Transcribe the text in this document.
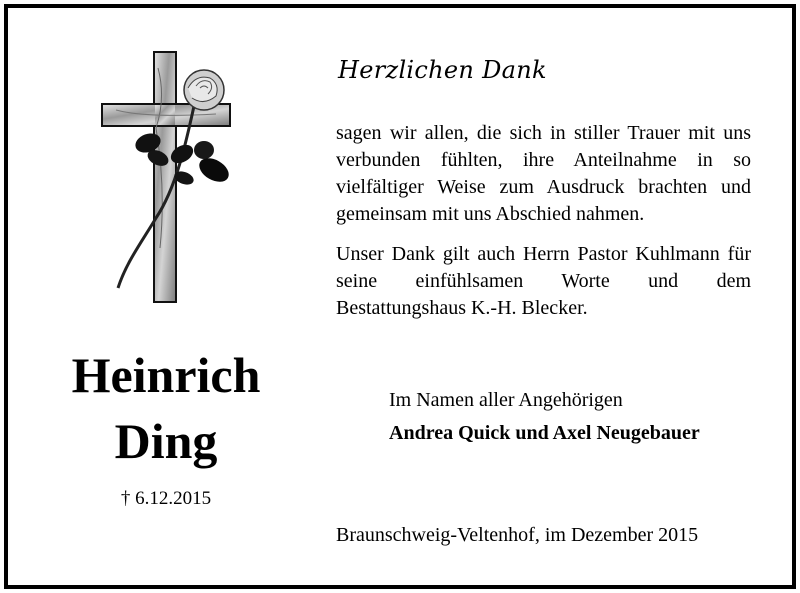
Heinrich
Ding
† 6.12.2015
Herzlichen Dank

sagen wir allen, die sich in stiller Trauer mit uns verbunden fühlten, ihre Anteilnahme in so vielfältiger Weise zum Ausdruck brachten und gemeinsam mit uns Abschied nahmen.

Unser Dank gilt auch Herrn Pastor Kuhlmann für seine einfühlsamen Worte und dem Bestattungshaus K.-H. Blecker.

Im Namen aller Angehörigen
Andrea Quick und Axel Neugebauer
Braunschweig-Veltenhof, im Dezember 2015
